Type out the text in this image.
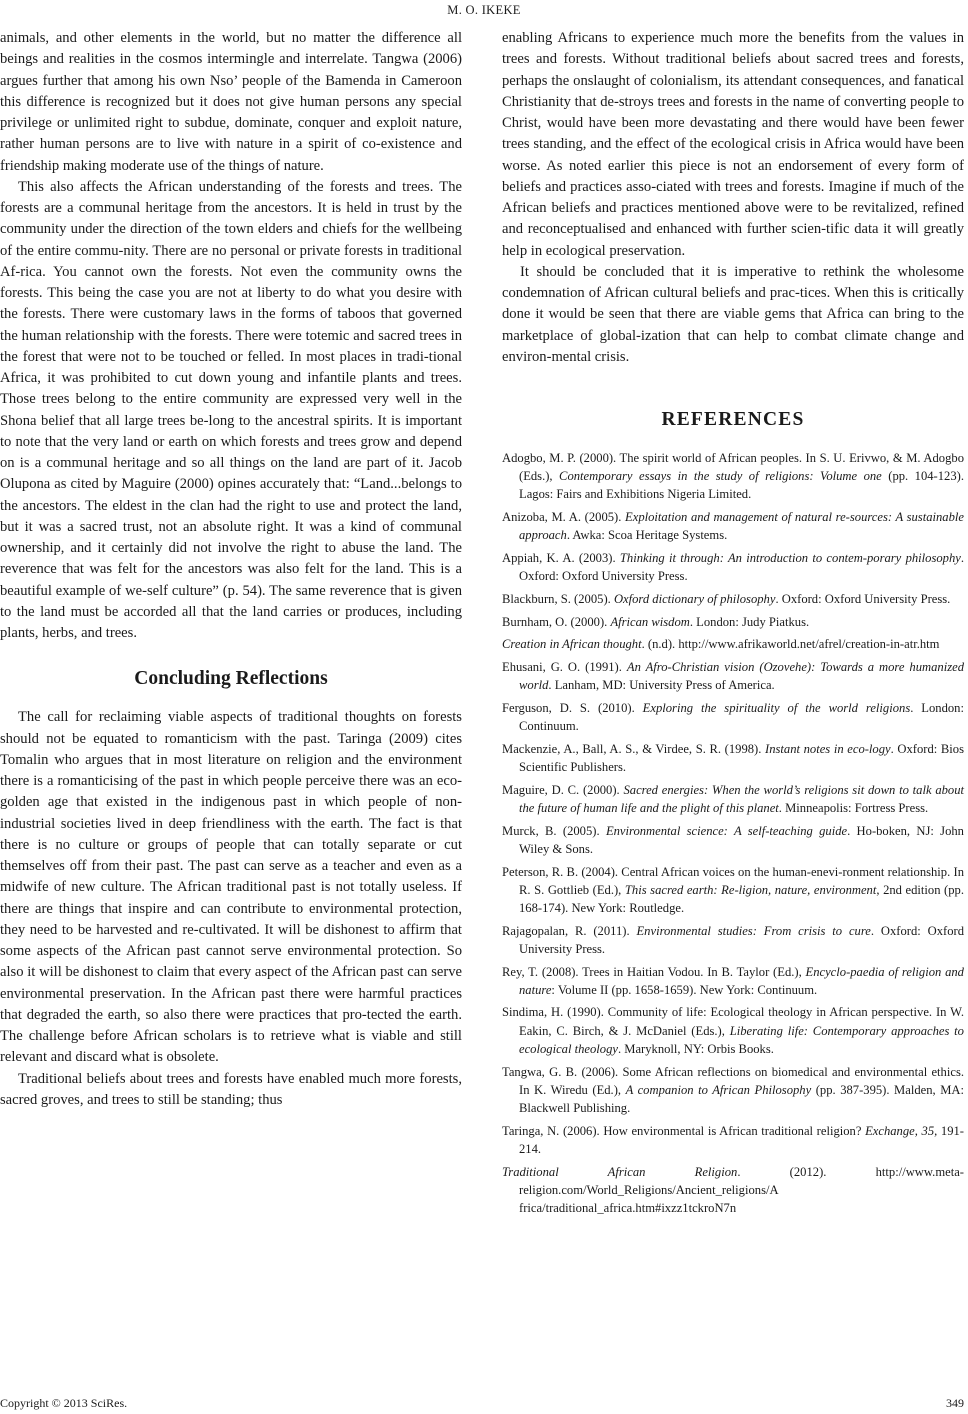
M. O. IKEKE

animals, and other elements in the world, but no matter the difference all beings and realities in the cosmos intermingle and interrelate. Tangwa (2006) argues further that among his own Nso’ people of the Bamenda in Cameroon this difference is recognized but it does not give human persons any special privilege or unlimited right to subdue, dominate, conquer and exploit nature, rather human persons are to live with nature in a spirit of co-existence and friendship making moderate use of the things of nature.

This also affects the African understanding of the forests and trees. The forests are a communal heritage from the ancestors. It is held in trust by the community under the direction of the town elders and chiefs for the wellbeing of the entire commu-nity. There are no personal or private forests in traditional Af-rica. You cannot own the forests. Not even the community owns the forests. This being the case you are not at liberty to do what you desire with the forests. There were customary laws in the forms of taboos that governed the human relationship with the forests. There were totemic and sacred trees in the forest that were not to be touched or felled. In most places in tradi-tional Africa, it was prohibited to cut down young and infantile plants and trees. Those trees belong to the entire community are expressed very well in the Shona belief that all large trees be-long to the ancestral spirits. It is important to note that the very land or earth on which forests and trees grow and depend on is a communal heritage and so all things on the land are part of it. Jacob Olupona as cited by Maguire (2000) opines accurately that: “Land...belongs to the ancestors. The eldest in the clan had the right to use and protect the land, but it was a sacred trust, not an absolute right. It was a kind of communal ownership, and it certainly did not involve the right to abuse the land. The reverence that was felt for the ancestors was also felt for the land. This is a beautiful example of we-self culture” (p. 54). The same reverence that is given to the land must be accorded all that the land carries or produces, including plants, herbs, and trees.

Concluding Reflections

The call for reclaiming viable aspects of traditional thoughts on forests should not be equated to romanticism with the past. Taringa (2009) cites Tomalin who argues that in most literature on religion and the environment there is a romanticising of the past in which people perceive there was an eco-golden age that existed in the indigenous past in which people of non-industrial societies lived in deep friendliness with the earth. The fact is that there is no culture or groups of people that can totally separate or cut themselves off from their past. The past can serve as a teacher and even as a midwife of new culture. The African traditional past is not totally useless. If there are things that inspire and can contribute to environmental protection, they need to be harvested and re-cultivated. It will be dishonest to affirm that some aspects of the African past cannot serve environmental protection. So also it will be dishonest to claim that every aspect of the African past can serve environmental preservation. In the African past there were harmful practices that degraded the earth, so also there were practices that pro-tected the earth. The challenge before African scholars is to retrieve what is viable and still relevant and discard what is obsolete.

Traditional beliefs about trees and forests have enabled much more forests, sacred groves, and trees to still be standing; thus

enabling Africans to experience much more the benefits from the values in trees and forests. Without traditional beliefs about sacred trees and forests, perhaps the onslaught of colonialism, its attendant consequences, and fanatical Christianity that de-stroys trees and forests in the name of converting people to Christ, would have been more devastating and there would have been fewer trees standing, and the effect of the ecological crisis in Africa would have been worse. As noted earlier this piece is not an endorsement of every form of beliefs and practices asso-ciated with trees and forests. Imagine if much of the African beliefs and practices mentioned above were to be revitalized, refined and reconceptualised and enhanced with further scien-tific data it will greatly help in ecological preservation.

It should be concluded that it is imperative to rethink the wholesome condemnation of African cultural beliefs and prac-tices. When this is critically done it would be seen that there are viable gems that Africa can bring to the marketplace of global-ization that can help to combat climate change and environ-mental crisis.

REFERENCES
Adogbo, M. P. (2000). The spirit world of African peoples. In S. U. Erivwo, & M. Adogbo (Eds.), Contemporary essays in the study of religions: Volume one (pp. 104-123). Lagos: Fairs and Exhibitions Nigeria Limited.
Anizoba, M. A. (2005). Exploitation and management of natural re-sources: A sustainable approach. Awka: Scoa Heritage Systems.
Appiah, K. A. (2003). Thinking it through: An introduction to contem-porary philosophy. Oxford: Oxford University Press.
Blackburn, S. (2005). Oxford dictionary of philosophy. Oxford: Oxford University Press.
Burnham, O. (2000). African wisdom. London: Judy Piatkus.
Creation in African thought. (n.d). http://www.afrikaworld.net/afrel/creation-in-atr.htm
Ehusani, G. O. (1991). An Afro-Christian vision (Ozovehe): Towards a more humanized world. Lanham, MD: University Press of America.
Ferguson, D. S. (2010). Exploring the spirituality of the world religions. London: Continuum.
Mackenzie, A., Ball, A. S., & Virdee, S. R. (1998). Instant notes in eco-logy. Oxford: Bios Scientific Publishers.
Maguire, D. C. (2000). Sacred energies: When the world’s religions sit down to talk about the future of human life and the plight of this planet. Minneapolis: Fortress Press.
Murck, B. (2005). Environmental science: A self-teaching guide. Ho-boken, NJ: John Wiley & Sons.
Peterson, R. B. (2004). Central African voices on the human-enevi-ronment relationship. In R. S. Gottlieb (Ed.), This sacred earth: Re-ligion, nature, environment, 2nd edition (pp. 168-174). New York: Routledge.
Rajagopalan, R. (2011). Environmental studies: From crisis to cure. Oxford: Oxford University Press.
Rey, T. (2008). Trees in Haitian Vodou. In B. Taylor (Ed.), Encyclo-paedia of religion and nature: Volume II (pp. 1658-1659). New York: Continuum.
Sindima, H. (1990). Community of life: Ecological theology in African perspective. In W. Eakin, C. Birch, & J. McDaniel (Eds.), Liberating life: Contemporary approaches to ecological theology. Maryknoll, NY: Orbis Books.
Tangwa, G. B. (2006). Some African reflections on biomedical and environmental ethics. In K. Wiredu (Ed.), A companion to African Philosophy (pp. 387-395). Malden, MA: Blackwell Publishing.
Taringa, N. (2006). How environmental is African traditional religion? Exchange, 35, 191-214.
Traditional African Religion. (2012). http://www.meta-religion.com/World_Religions/Ancient_religions/A frica/traditional_africa.htm#ixzz1tckroN7n
Copyright © 2013 SciRes.	349
